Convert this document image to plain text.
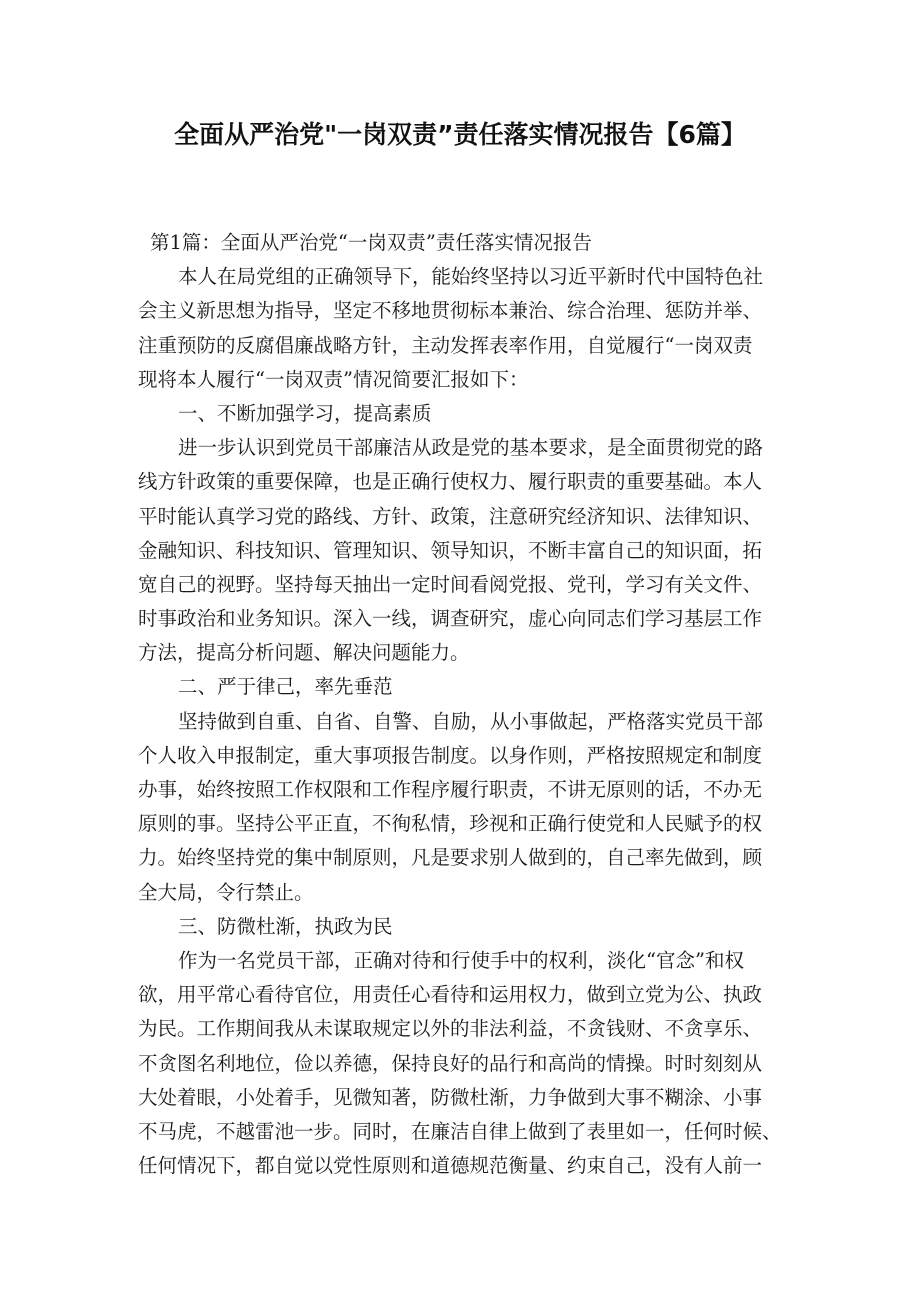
全面从严治党"一岗双责”责任落实情况报告【6篇】
第1篇：全面从严治党“一岗双责”责任落实情况报告
本人在局党组的正确领导下，能始终坚持以习近平新时代中国特色社
会主义新思想为指导，坚定不移地贯彻标本兼治、综合治理、惩防并举、
注重预防的反腐倡廉战略方针，主动发挥表率作用，自觉履行“一岗双责
现将本人履行“一岗双责”情况简要汇报如下：
一、不断加强学习，提高素质
进一步认识到党员干部廉洁从政是党的基本要求，是全面贯彻党的路
线方针政策的重要保障，也是正确行使权力、履行职责的重要基础。本人
平时能认真学习党的路线、方针、政策，注意研究经济知识、法律知识、
金融知识、科技知识、管理知识、领导知识，不断丰富自己的知识面，拓
宽自己的视野。坚持每天抽出一定时间看阅党报、党刊，学习有关文件、
时事政治和业务知识。深入一线，调查研究，虚心向同志们学习基层工作
方法，提高分析问题、解决问题能力。
二、严于律己，率先垂范
坚持做到自重、自省、自警、自励，从小事做起，严格落实党员干部
个人收入申报制定，重大事项报告制度。以身作则，严格按照规定和制度
办事，始终按照工作权限和工作程序履行职责，不讲无原则的话，不办无
原则的事。坚持公平正直，不徇私情，珍视和正确行使党和人民赋予的权
力。始终坚持党的集中制原则，凡是要求别人做到的，自己率先做到，顾
全大局，令行禁止。
三、防微杜渐，执政为民
作为一名党员干部，正确对待和行使手中的权利，淡化“官念”和权
欲，用平常心看待官位，用责任心看待和运用权力，做到立党为公、执政
为民。工作期间我从未谋取规定以外的非法利益，不贪钱财、不贪享乐、
不贪图名利地位，俭以养德，保持良好的品行和高尚的情操。时时刻刻从
大处着眼，小处着手，见微知著，防微杜渐，力争做到大事不糊涂、小事
不马虎，不越雷池一步。同时，在廉洁自律上做到了表里如一，任何时候、
任何情况下，都自觉以党性原则和道德规范衡量、约束自己，没有人前一
